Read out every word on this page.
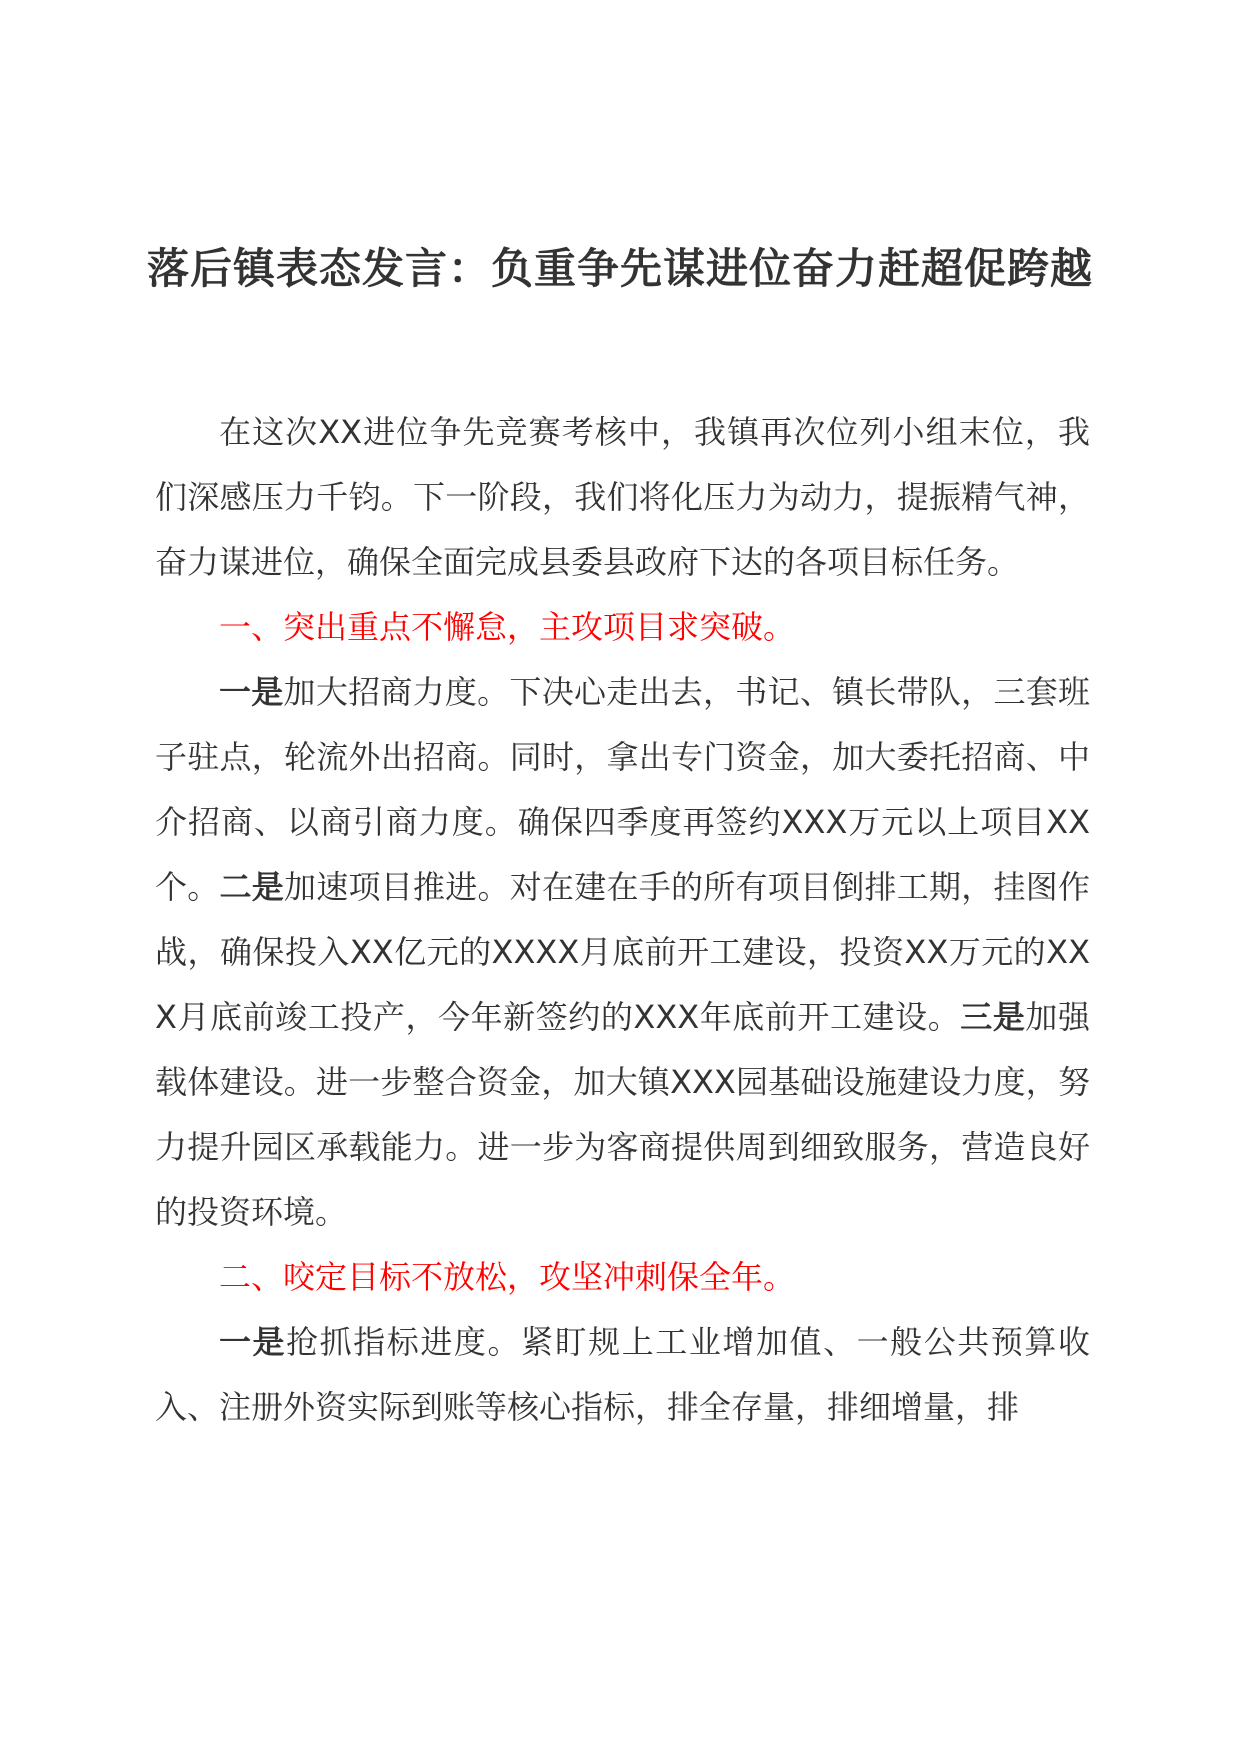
落后镇表态发言：负重争先谋进位奋力赶超促跨越

在这次XX进位争先竞赛考核中，我镇再次位列小组末位，我们深感压力千钧。下一阶段，我们将化压力为动力，提振精气神，奋力谋进位，确保全面完成县委县政府下达的各项目标任务。

一、突出重点不懈怠，主攻项目求突破。

一是加大招商力度。下决心走出去，书记、镇长带队，三套班子驻点，轮流外出招商。同时，拿出专门资金，加大委托招商、中介招商、以商引商力度。确保四季度再签约XXX万元以上项目XX个。二是加速项目推进。对在建在手的所有项目倒排工期，挂图作战，确保投入XX亿元的XXXX月底前开工建设，投资XX万元的XXX月底前竣工投产，今年新签约的XXX年底前开工建设。三是加强载体建设。进一步整合资金，加大镇XXX园基础设施建设力度，努力提升园区承载能力。进一步为客商提供周到细致服务，营造良好的投资环境。

二、咬定目标不放松，攻坚冲刺保全年。

一是抢抓指标进度。紧盯规上工业增加值、一般公共预算收入、注册外资实际到账等核心指标，排全存量，排细增量，排
